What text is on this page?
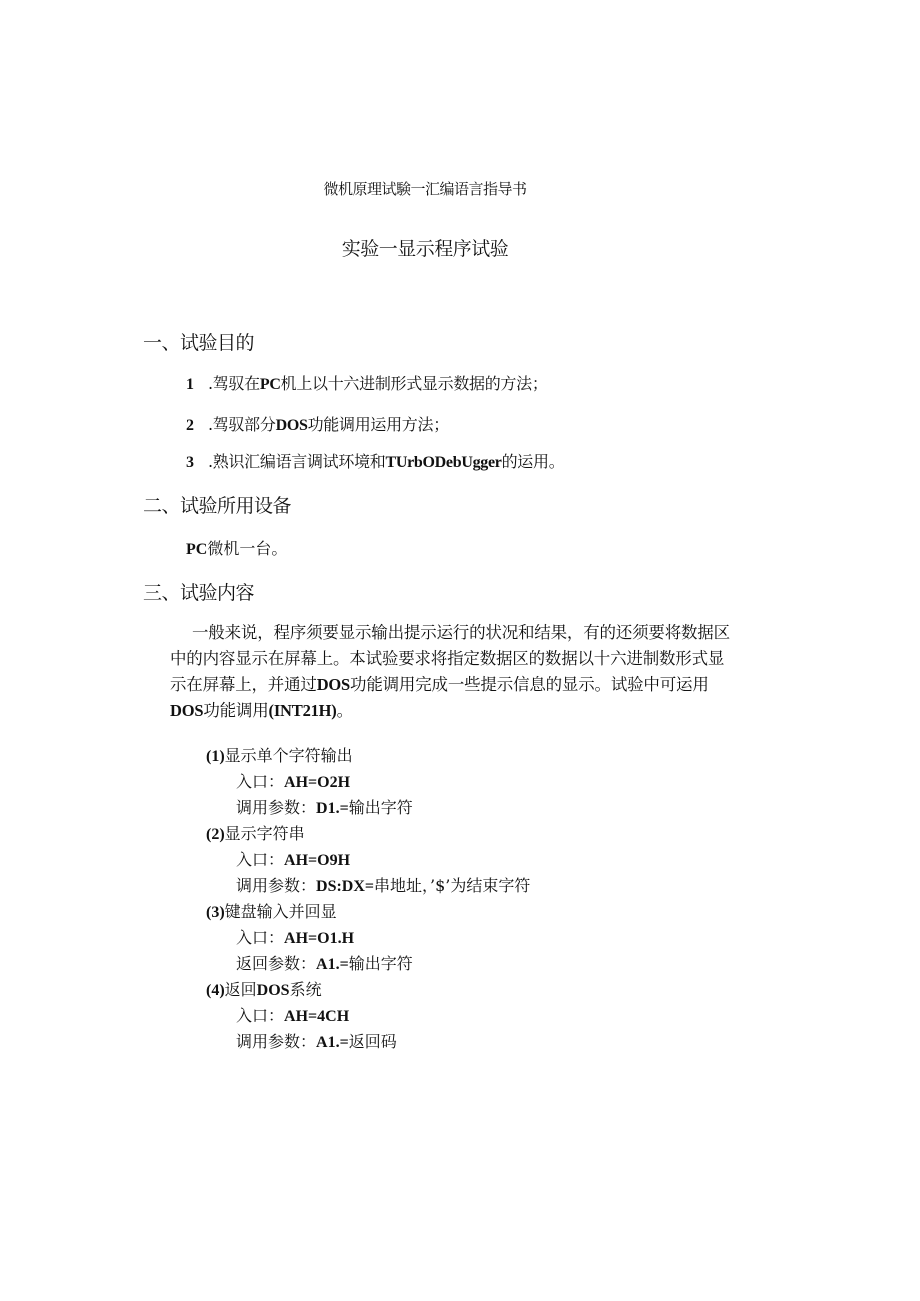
微机原理试験一汇编语言指导书
实验一显示程序试验
一、试验目的
1 .驾驭在PC机上以十六进制形式显示数据的方法；
2 .驾驭部分DOS功能调用运用方法；
3 .熟识汇编语言调试环境和TUrbODebUgger的运用。
二、试验所用设备
PC微机一台。
三、试验内容
一般来说，程序须要显示输出提示运行的状况和结果，有的还须要将数据区中的内容显示在屏幕上。本试验要求将指定数据区的数据以十六进制数形式显示在屏幕上，并通过DOS功能调用完成一些提示信息的显示。试验中可运用DOS功能调用(INT21H)。
(1)显示单个字符输出
入口：AH=O2H
调用参数：D1.=输出字符
(2)显示字符串
入口：AH=O9H
调用参数：DS:DX=串地址，’$’为结束字符
(3)键盘输入并回显
入口：AH=O1.H
返回参数：A1.=输出字符
(4)返回DOS系统
入口：AH=4CH
调用参数：A1.=返回码
